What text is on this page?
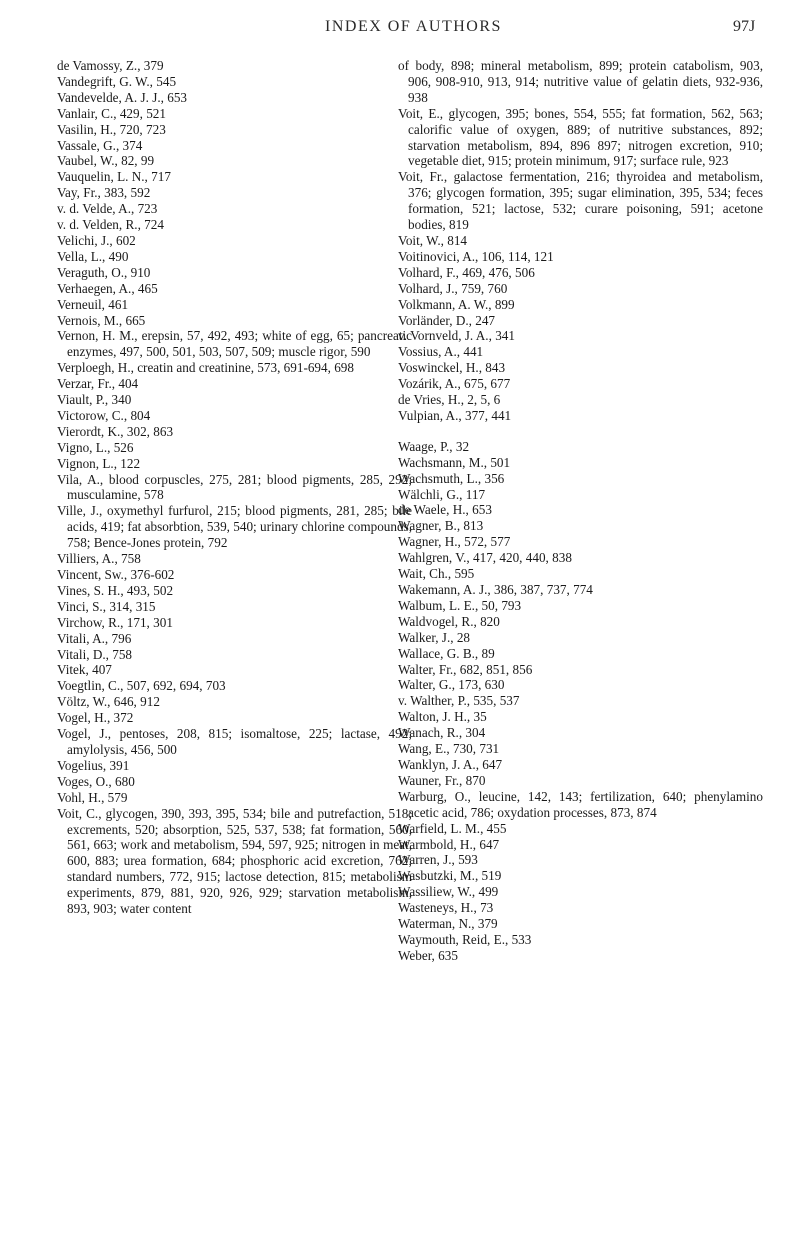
INDEX OF AUTHORS	97J
de Vamossy, Z., 379
Vandegrift, G. W., 545
Vandevelde, A. J. J., 653
Vanlair, C., 429, 521
Vasilin, H., 720, 723
Vassale, G., 374
Vaubel, W., 82, 99
Vauquelin, L. N., 717
Vay, Fr., 383, 592
v. d. Velde, A., 723
v. d. Velden, R., 724
Velichi, J., 602
Vella, L., 490
Veraguth, O., 910
Verhaegen, A., 465
Verneuil, 461
Vernois, M., 665
Vernon, H. M., erepsin, 57, 492, 493; white of egg, 65; pancreatic enzymes, 497, 500, 501, 503, 507, 509; muscle rigor, 590
Verploegh, H., creatin and creatinine, 573, 691-694, 698
Verzar, Fr., 404
Viault, P., 340
Victorow, C., 804
Vierordt, K., 302, 863
Vigno, L., 526
Vignon, L., 122
Vila, A., blood corpuscles, 275, 281; blood pigments, 285, 292; musculamine, 578
Ville, J., oxymethyl furfurol, 215; blood pigments, 281, 285; bile acids, 419; fat absorbtion, 539, 540; urinary chlorine compounds, 758; Bence-Jones protein, 792
Villiers, A., 758
Vincent, Sw., 376-602
Vines, S. H., 493, 502
Vinci, S., 314, 315
Virchow, R., 171, 301
Vitali, A., 796
Vitali, D., 758
Vitek, 407
Voegtlin, C., 507, 692, 694, 703
Völtz, W., 646, 912
Vogel, H., 372
Vogel, J., pentoses, 208, 815; isomaltose, 225; lactase, 492; amylolysis, 456, 500
Vogelius, 391
Voges, O., 680
Vohl, H., 579
Voit, C., glycogen, 390, 393, 395, 534; bile and putrefaction, 518; excrements, 520; absorption, 525, 537, 538; fat formation, 560, 561, 663; work and metabolism, 594, 597, 925; nitrogen in meat, 600, 883; urea formation, 684; phosphoric acid excretion, 762; standard numbers, 772, 915; lactose detection, 815; metabolism experiments, 879, 881, 920, 926, 929; starvation metabolism, 893, 903; water content
of body, 898; mineral metabolism, 899; protein catabolism, 903, 906, 908-910, 913, 914; nutritive value of gelatin diets, 932-936, 938
Voit, E., glycogen, 395; bones, 554, 555; fat formation, 562, 563; calorific value of oxygen, 889; of nutritive substances, 892; starvation metabolism, 894, 896 897; nitrogen excretion, 910; vegetable diet, 915; protein minimum, 917; surface rule, 923
Voit, Fr., galactose fermentation, 216; thyroidea and metabolism, 376; glycogen formation, 395; sugar elimination, 395, 534; feces formation, 521; lactose, 532; curare poisoning, 591; acetone bodies, 819
Voit, W., 814
Voitinovici, A., 106, 114, 121
Volhard, F., 469, 476, 506
Volhard, J., 759, 760
Volkmann, A. W., 899
Vorländer, D., 247
v. Vornveld, J. A., 341
Vossius, A., 441
Voswinckel, H., 843
Vozárik, A., 675, 677
de Vries, H., 2, 5, 6
Vulpian, A., 377, 441
Waage, P., 32
Wachsmann, M., 501
Wachsmuth, L., 356
Wälchli, G., 117
de Waele, H., 653
Wagner, B., 813
Wagner, H., 572, 577
Wahlgren, V., 417, 420, 440, 838
Wait, Ch., 595
Wakemann, A. J., 386, 387, 737, 774
Walbum, L. E., 50, 793
Waldvogel, R., 820
Walker, J., 28
Wallace, G. B., 89
Walter, Fr., 682, 851, 856
Walter, G., 173, 630
v. Walther, P., 535, 537
Walton, J. H., 35
Wanach, R., 304
Wang, E., 730, 731
Wanklyn, J. A., 647
Wauner, Fr., 870
Warburg, O., leucine, 142, 143; fertilization, 640; phenylamino acetic acid, 786; oxydation processes, 873, 874
Warfield, L. M., 455
Warmbold, H., 647
Warren, J., 593
Wasbutzki, M., 519
Wassiliew, W., 499
Wasteneys, H., 73
Waterman, N., 379
Waymouth, Reid, E., 533
Weber, 635
